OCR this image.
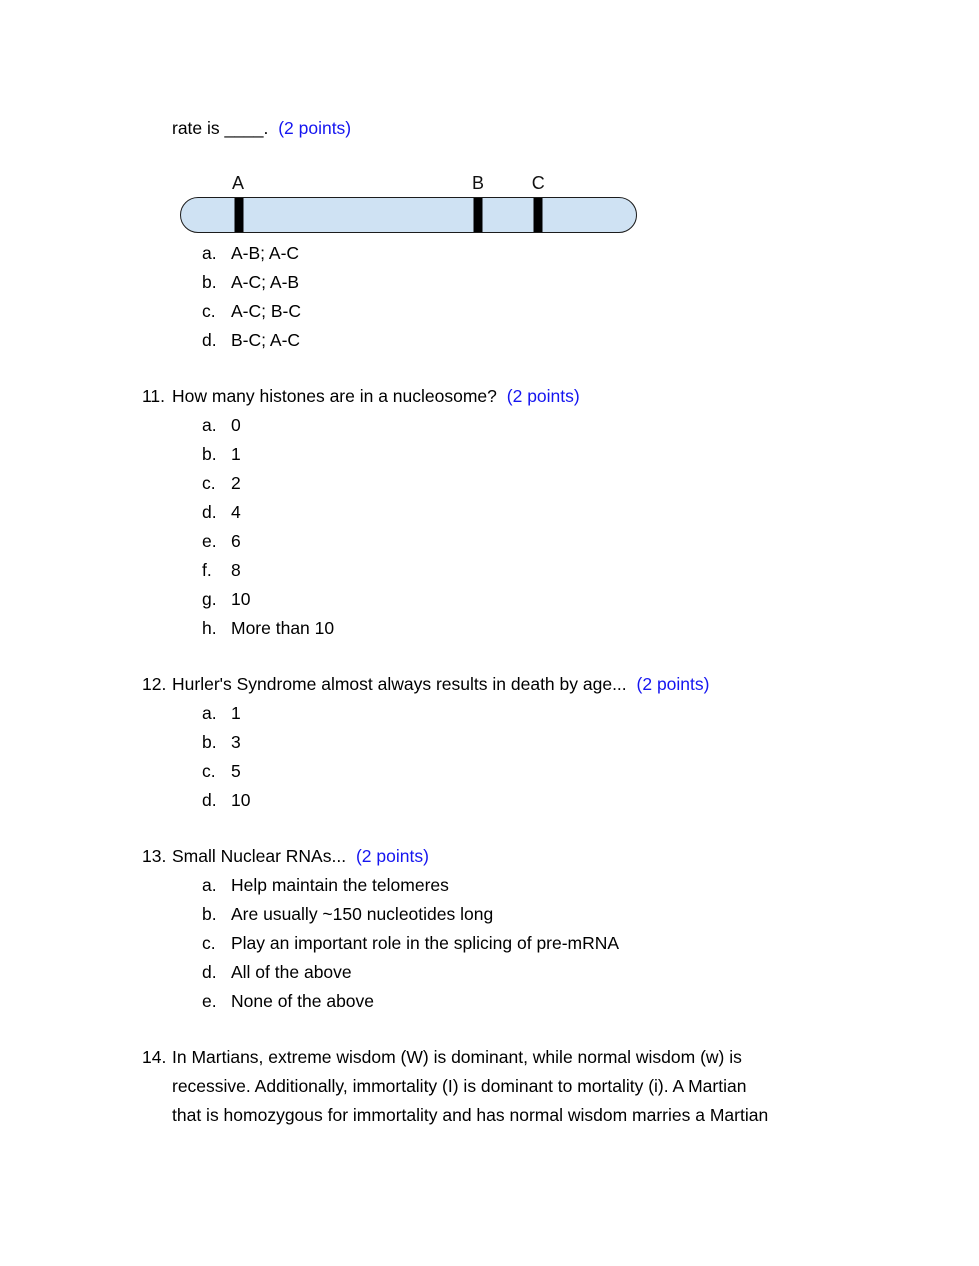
rate is ____. (2 points)
A	B	C
a. A-B; A-C
b. A-C; A-B
c. A-C; B-C
d. B-C; A-C
11. How many histones are in a nucleosome? (2 points)
a. 0
b. 1
c. 2
d. 4
e. 6
f.	8
g. 10
h. More than 10
12. Hurler's Syndrome almost always results in death by age... (2 points)
a. 1
b. 3
c. 5
d. 10
13. Small Nuclear RNAs... (2 points)
a. Help maintain the telomeres
b. Are usually ~150 nucleotides long
c. Play an important role in the splicing of pre-mRNA
d. All of the above
e. None of the above
14. In Martians, extreme wisdom (W) is dominant, while normal wisdom (w) is
recessive. Additionally, immortality (I) is dominant to mortality (i). A Martian
that is homozygous for immortality and has normal wisdom marries a Martian
